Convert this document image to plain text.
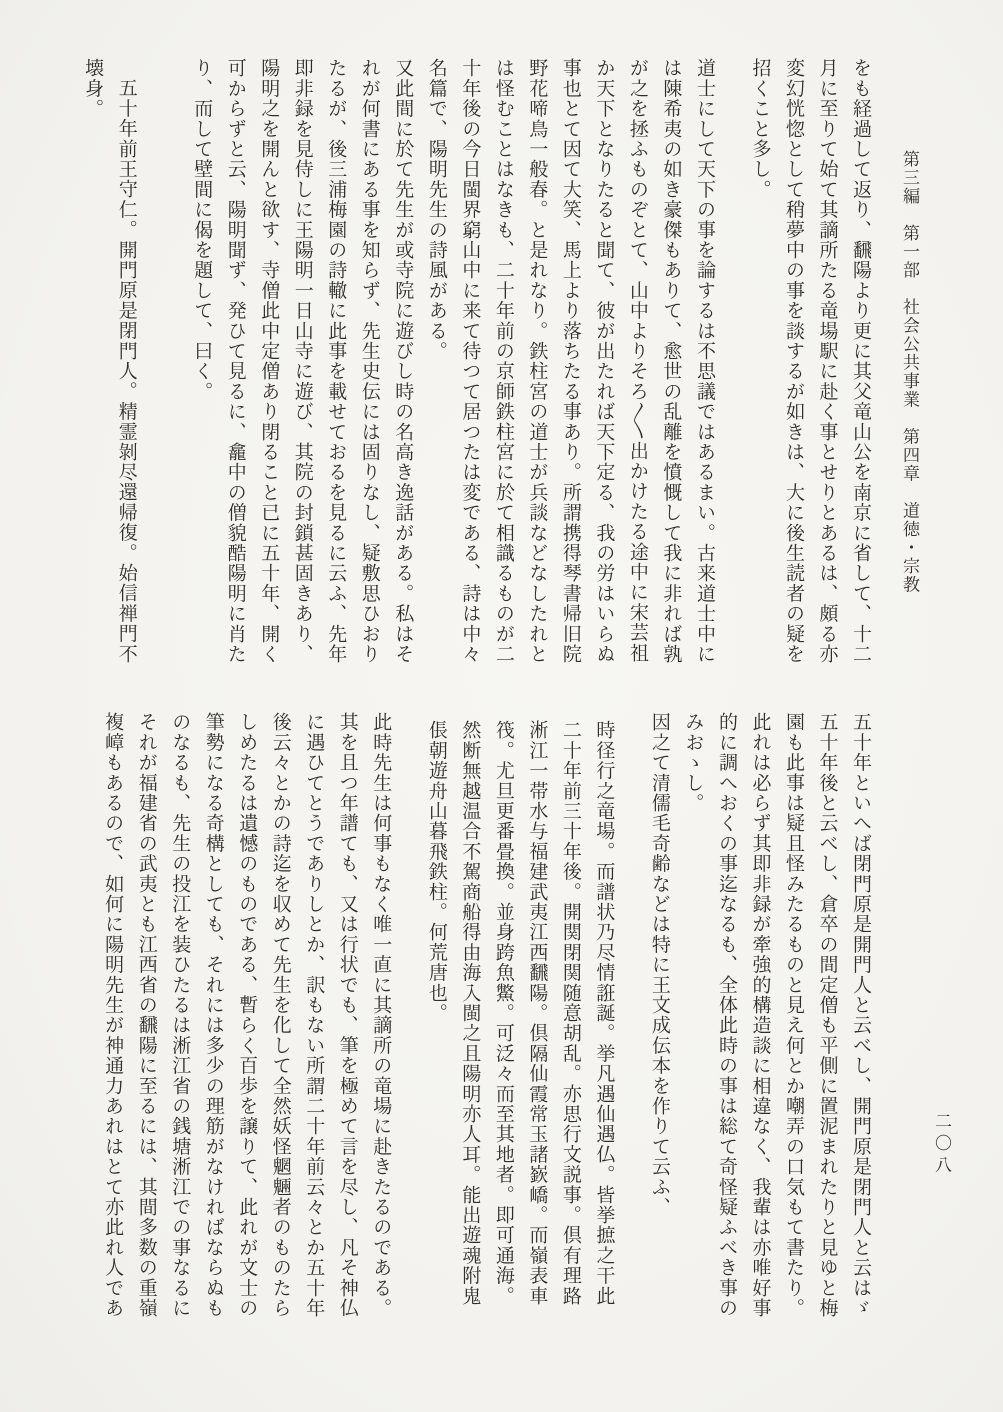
第三編　第一部　社会公共事業　第四章　道徳・宗教
をも経過して返り、飜陽より更に其父竜山公を南京に省して、十二
月に至りて始て其謫所たる竜場駅に赴く事とせりとあるは、頗る亦
変幻恍惚として稍夢中の事を談するが如きは、大に後生読者の疑を
招くこと多し。
道士にして天下の事を論するは不思議ではあるまい。古来道士中に
は陳希夷の如き豪傑もありて、愈世の乱離を憤慨して我に非れば孰
が之を拯ふものぞとて、山中よりそろ〱出かけたる途中に宋芸祖
か天下となりたると聞て、彼が出たれば天下定る、我の労はいらぬ
事也とて因て大笑、馬上より落ちたる事あり。所謂携得琴書帰旧院
野花啼鳥一般春。と是れなり。鉄柱宮の道士が兵談などなしたれと
は怪むことはなきも、二十年前の京師鉄柱宮に於て相識るものが二
十年後の今日閩界窮山中に来て待つて居つたは変である、詩は中々
名篇で、陽明先生の詩風がある。
又此間に於て先生が或寺院に遊びし時の名高き逸話がある。私はそ
れが何書にある事を知らず、先生史伝には固りなし、疑敷思ひおり
たるが、後三浦梅園の詩轍に此事を載せておるを見るに云ふ、先年
即非録を見侍しに王陽明一日山寺に遊び、其院の封鎖甚固きあり、
陽明之を開んと欲す、寺僧此中定僧あり閉ること已に五十年、開く
可からずと云、陽明聞ず、発ひて見るに、龕中の僧貌酷陽明に肖た
り、而して壁間に偈を題して、曰く。
五十年前王守仁。開門原是閉門人。精霊剝尽還帰復。始信禅門不
壊身。
五十年といへば閉門原是開門人と云べし、開門原是閉門人と云はゞ
五十年後と云べし、倉卒の間定僧も平側に置泥まれたりと見ゆと梅
園も此事は疑且怪みたるものと見え何とか嘲弄の口気もて書たり。
此れは必らず其即非録が牽強的構造談に相違なく、我輩は亦唯好事
的に調へおくの事迄なるも、全体此時の事は総て奇怪疑ふべき事の
みおゝし。
因之て清儒毛奇齢などは特に王文成伝本を作りて云ふ、
時径行之竜場。而譜状乃尽情誑誕。挙凡遇仙遇仏。皆挙摭之干此
二十年前三十年後。開関閉関随意胡乱。亦思行文説事。倶有理路
淅江一帯水与福建武夷江西飜陽。倶隔仙霞常玉諸嶔嶠。而嶺表車
筏。尤旦更番畳換。並身跨魚鱉。可泛々而至其地者。即可通海。
然断無越温合不駕商船得由海入閩之且陽明亦人耳。能出遊魂附鬼
倀朝遊舟山暮飛鉄柱。何荒唐也。
此時先生は何事もなく唯一直に其謫所の竜場に赴きたるのである。
其を且つ年譜ても、又は行状でも、筆を極めて言を尽し、凡そ神仏
に遇ひてとうでありしとか、訳もない所謂二十年前云々とか五十年
後云々とかの詩迄を収めて先生を化して全然妖怪魍魎者のものたら
しめたるは遺憾のものである、暫らく百歩を譲りて、此れが文士の
筆勢になる奇構としても、それには多少の理筋がなければならぬも
のなるも、先生の投江を装ひたるは淅江省の銭塘淅江での事なるに
それが福建省の武夷とも江西省の飜陽に至るには、其間多数の重嶺
複嶂もあるので、如何に陽明先生が神通力あれはとて亦此れ人であ	二〇八
